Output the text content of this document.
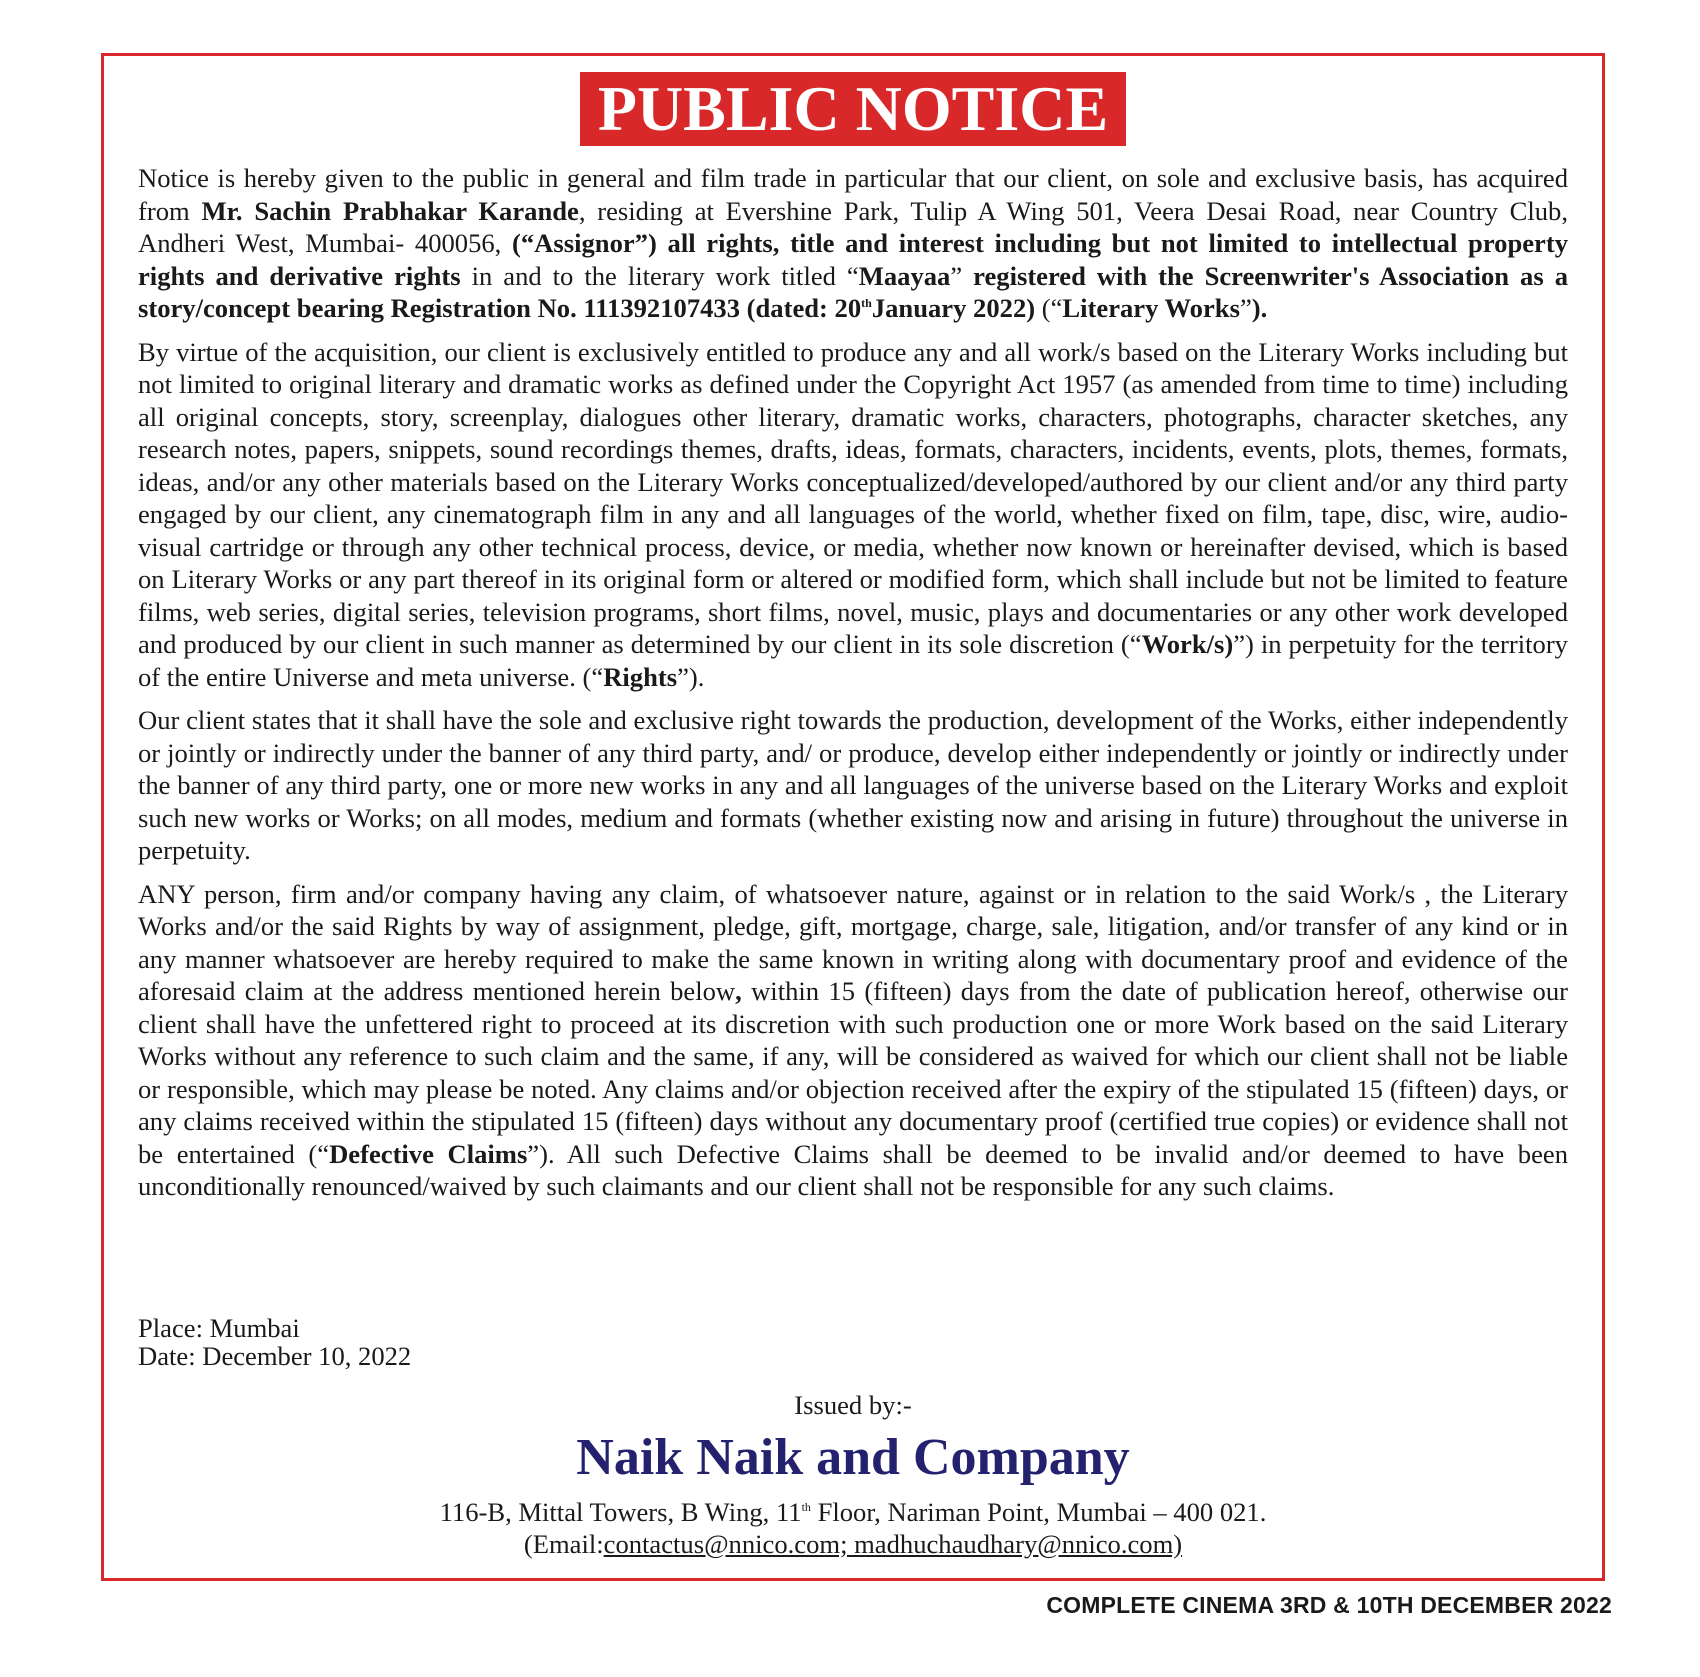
PUBLIC NOTICE

Notice is hereby given to the public in general and film trade in particular that our client, on sole and exclusive basis, has acquired from Mr. Sachin Prabhakar Karande, residing at Evershine Park, Tulip A Wing 501, Veera Desai Road, near Country Club, Andheri West, Mumbai- 400056, (“Assignor”) all rights, title and interest including but not limited to intellectual property rights and derivative rights in and to the literary work titled “Maayaa” registered with the Screenwriter's Association as a story/concept bearing Registration No. 111392107433 (dated: 20thJanuary 2022) (“Literary Works”).

By virtue of the acquisition, our client is exclusively entitled to produce any and all work/s based on the Literary Works including but not limited to original literary and dramatic works as defined under the Copyright Act 1957 (as amended from time to time) including all original concepts, story, screenplay, dialogues other literary, dramatic works, characters, photographs, character sketches, any research notes, papers, snippets, sound recordings themes, drafts, ideas, formats, characters, incidents, events, plots, themes, formats, ideas, and/or any other materials based on the Literary Works conceptualized/developed/authored by our client and/or any third party engaged by our client, any cinematograph film in any and all languages of the world, whether fixed on film, tape, disc, wire, audio-visual cartridge or through any other technical process, device, or media, whether now known or hereinafter devised, which is based on Literary Works or any part thereof in its original form or altered or modified form, which shall include but not be limited to feature films, web series, digital series, television programs, short films, novel, music, plays and documentaries or any other work developed and produced by our client in such manner as determined by our client in its sole discretion (“Work/s)”) in perpetuity for the territory of the entire Universe and meta universe. (“Rights”).

Our client states that it shall have the sole and exclusive right towards the production, development of the Works, either independently or jointly or indirectly under the banner of any third party, and/ or produce, develop either independently or jointly or indirectly under the banner of any third party, one or more new works in any and all languages of the universe based on the Literary Works and exploit such new works or Works; on all modes, medium and formats (whether existing now and arising in future) throughout the universe in perpetuity.

ANY person, firm and/or company having any claim, of whatsoever nature, against or in relation to the said Work/s , the Literary Works and/or the said Rights by way of assignment, pledge, gift, mortgage, charge, sale, litigation, and/or transfer of any kind or in any manner whatsoever are hereby required to make the same known in writing along with documentary proof and evidence of the aforesaid claim at the address mentioned herein below, within 15 (fifteen) days from the date of publication hereof, otherwise our client shall have the unfettered right to proceed at its discretion with such production one or more Work based on the said Literary Works without any reference to such claim and the same, if any, will be considered as waived for which our client shall not be liable or responsible, which may please be noted. Any claims and/or objection received after the expiry of the stipulated 15 (fifteen) days, or any claims received within the stipulated 15 (fifteen) days without any documentary proof (certified true copies) or evidence shall not be entertained (“Defective Claims”). All such Defective Claims shall be deemed to be invalid and/or deemed to have been unconditionally renounced/waived by such claimants and our client shall not be responsible for any such claims.

Place: Mumbai
Date: December 10, 2022
Issued by:-
Naik Naik and Company
116-B, Mittal Towers, B Wing, 11th Floor, Nariman Point, Mumbai – 400 021.
(Email:contactus@nnico.com; madhuchaudhary@nnico.com)
COMPLETE CINEMA 3RD & 10TH DECEMBER 2022
